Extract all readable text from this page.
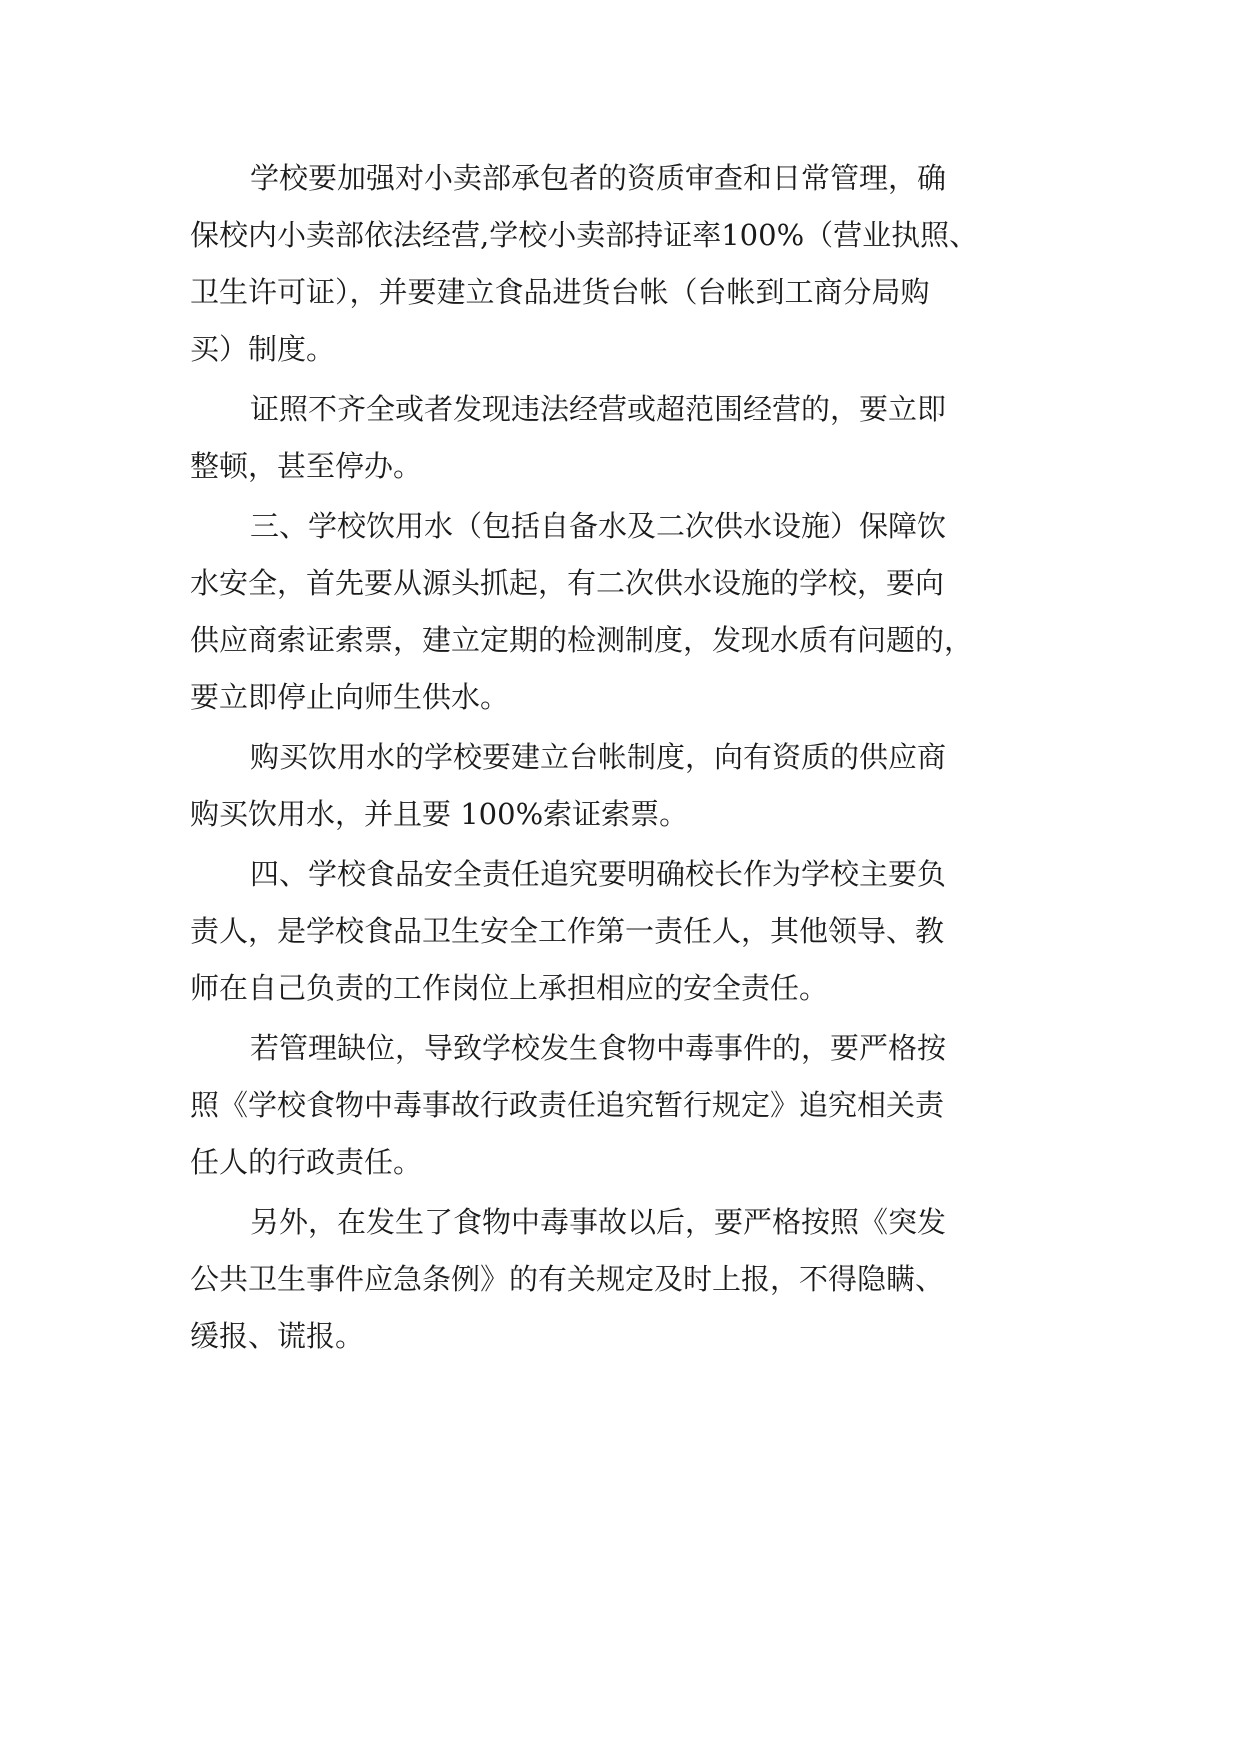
学校要加强对小卖部承包者的资质审查和日常管理，确
保校内小卖部依法经营,学校小卖部持证率100%（营业执照、
卫生许可证），并要建立食品进货台帐（台帐到工商分局购
买）制度。
证照不齐全或者发现违法经营或超范围经营的，要立即
整顿，甚至停办。
三、学校饮用水（包括自备水及二次供水设施）保障饮
水安全，首先要从源头抓起，有二次供水设施的学校，要向
供应商索证索票，建立定期的检测制度，发现水质有问题的，
要立即停止向师生供水。
购买饮用水的学校要建立台帐制度，向有资质的供应商
购买饮用水，并且要 100%索证索票。
四、学校食品安全责任追究要明确校长作为学校主要负
责人，是学校食品卫生安全工作第一责任人，其他领导、教
师在自己负责的工作岗位上承担相应的安全责任。
若管理缺位，导致学校发生食物中毒事件的，要严格按
照《学校食物中毒事故行政责任追究暂行规定》追究相关责
任人的行政责任。
另外，在发生了食物中毒事故以后，要严格按照《突发
公共卫生事件应急条例》的有关规定及时上报，不得隐瞒、
缓报、谎报。
